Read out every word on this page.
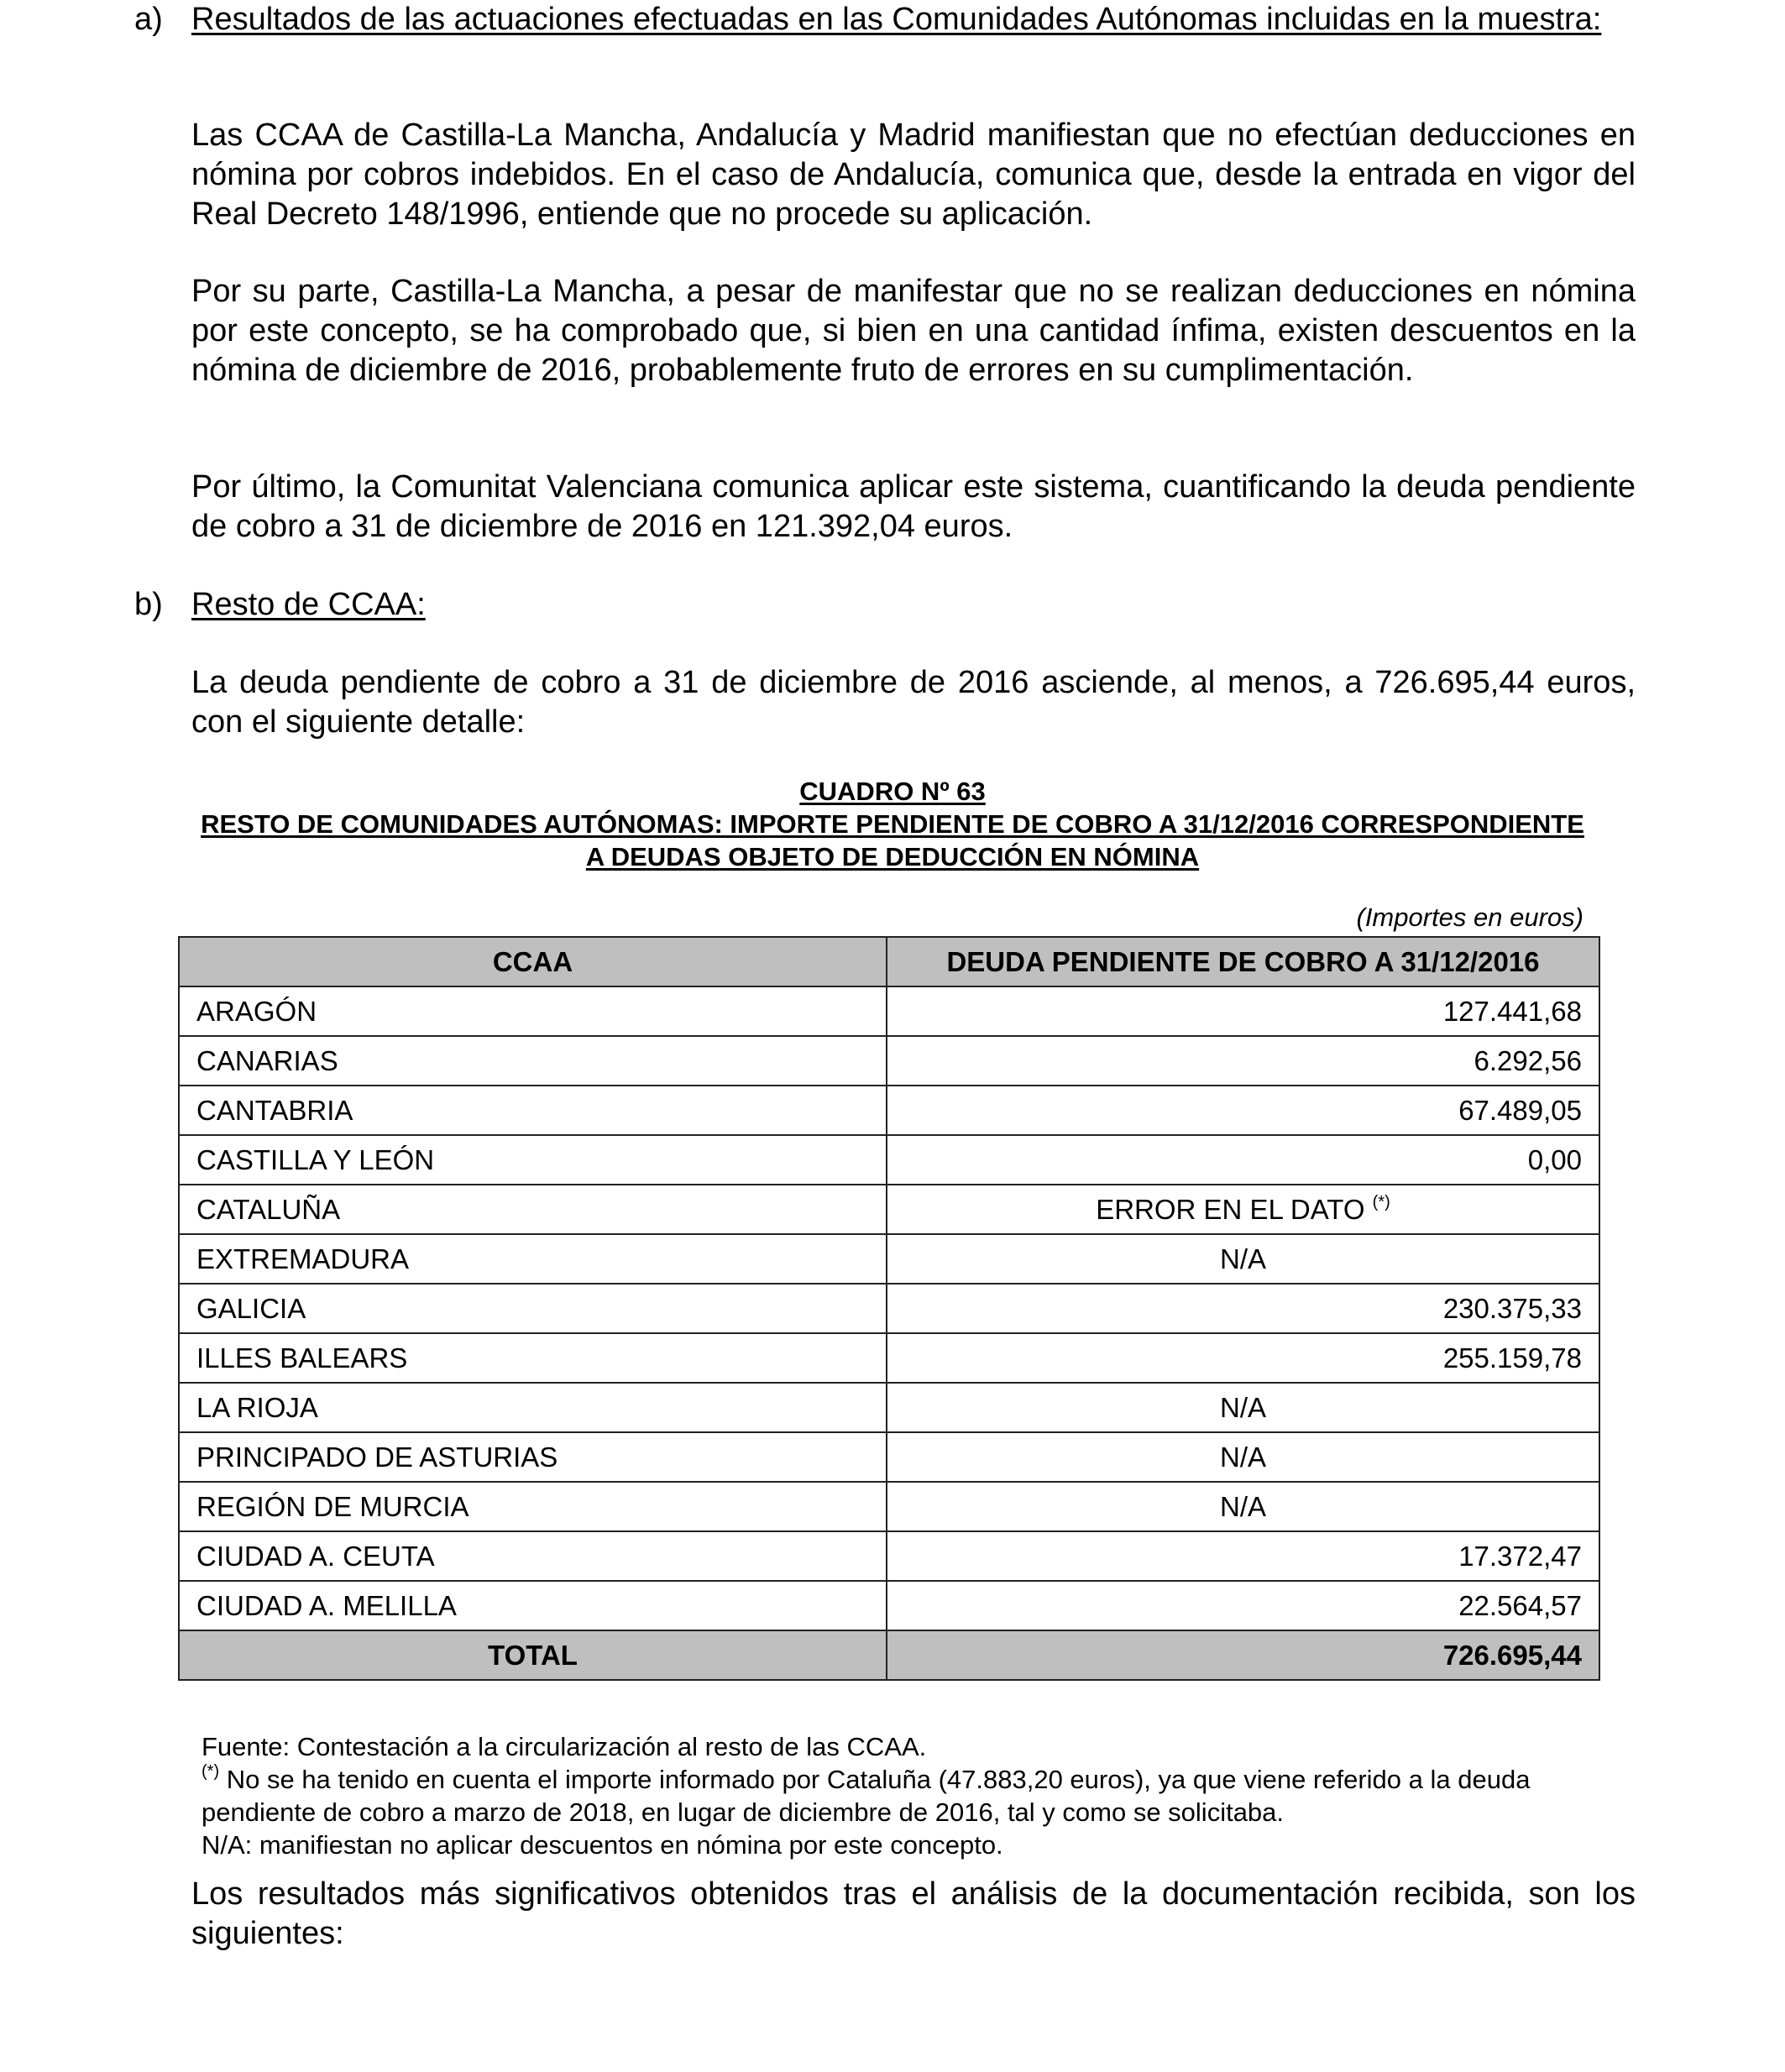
a) Resultados de las actuaciones efectuadas en las Comunidades Autónomas incluidas en la muestra:
Las CCAA de Castilla-La Mancha, Andalucía y Madrid manifiestan que no efectúan deducciones en nómina por cobros indebidos. En el caso de Andalucía, comunica que, desde la entrada en vigor del Real Decreto 148/1996, entiende que no procede su aplicación.
Por su parte, Castilla-La Mancha, a pesar de manifestar que no se realizan deducciones en nómina por este concepto, se ha comprobado que, si bien en una cantidad ínfima, existen descuentos en la nómina de diciembre de 2016, probablemente fruto de errores en su cumplimentación.
Por último, la Comunitat Valenciana comunica aplicar este sistema, cuantificando la deuda pendiente de cobro a 31 de diciembre de 2016 en 121.392,04 euros.
b) Resto de CCAA:
La deuda pendiente de cobro a 31 de diciembre de 2016 asciende, al menos, a 726.695,44 euros, con el siguiente detalle:
CUADRO Nº 63
RESTO DE COMUNIDADES AUTÓNOMAS: IMPORTE PENDIENTE DE COBRO A 31/12/2016 CORRESPONDIENTE
A DEUDAS OBJETO DE DEDUCCIÓN EN NÓMINA
(Importes en euros)
CCAA	DEUDA PENDIENTE DE COBRO A 31/12/2016
ARAGÓN	127.441,68
CANARIAS	6.292,56
CANTABRIA	67.489,05
CASTILLA Y LEÓN	0,00
CATALUÑA	ERROR EN EL DATO (*)
EXTREMADURA	N/A
GALICIA	230.375,33
ILLES BALEARS	255.159,78
LA RIOJA	N/A
PRINCIPADO DE ASTURIAS	N/A
REGIÓN DE MURCIA	N/A
CIUDAD A. CEUTA	17.372,47
CIUDAD A. MELILLA	22.564,57
TOTAL	726.695,44
Fuente: Contestación a la circularización al resto de las CCAA.
(*) No se ha tenido en cuenta el importe informado por Cataluña (47.883,20 euros), ya que viene referido a la deuda pendiente de cobro a marzo de 2018, en lugar de diciembre de 2016, tal y como se solicitaba.
N/A: manifiestan no aplicar descuentos en nómina por este concepto.
Los resultados más significativos obtenidos tras el análisis de la documentación recibida, son los siguientes:
